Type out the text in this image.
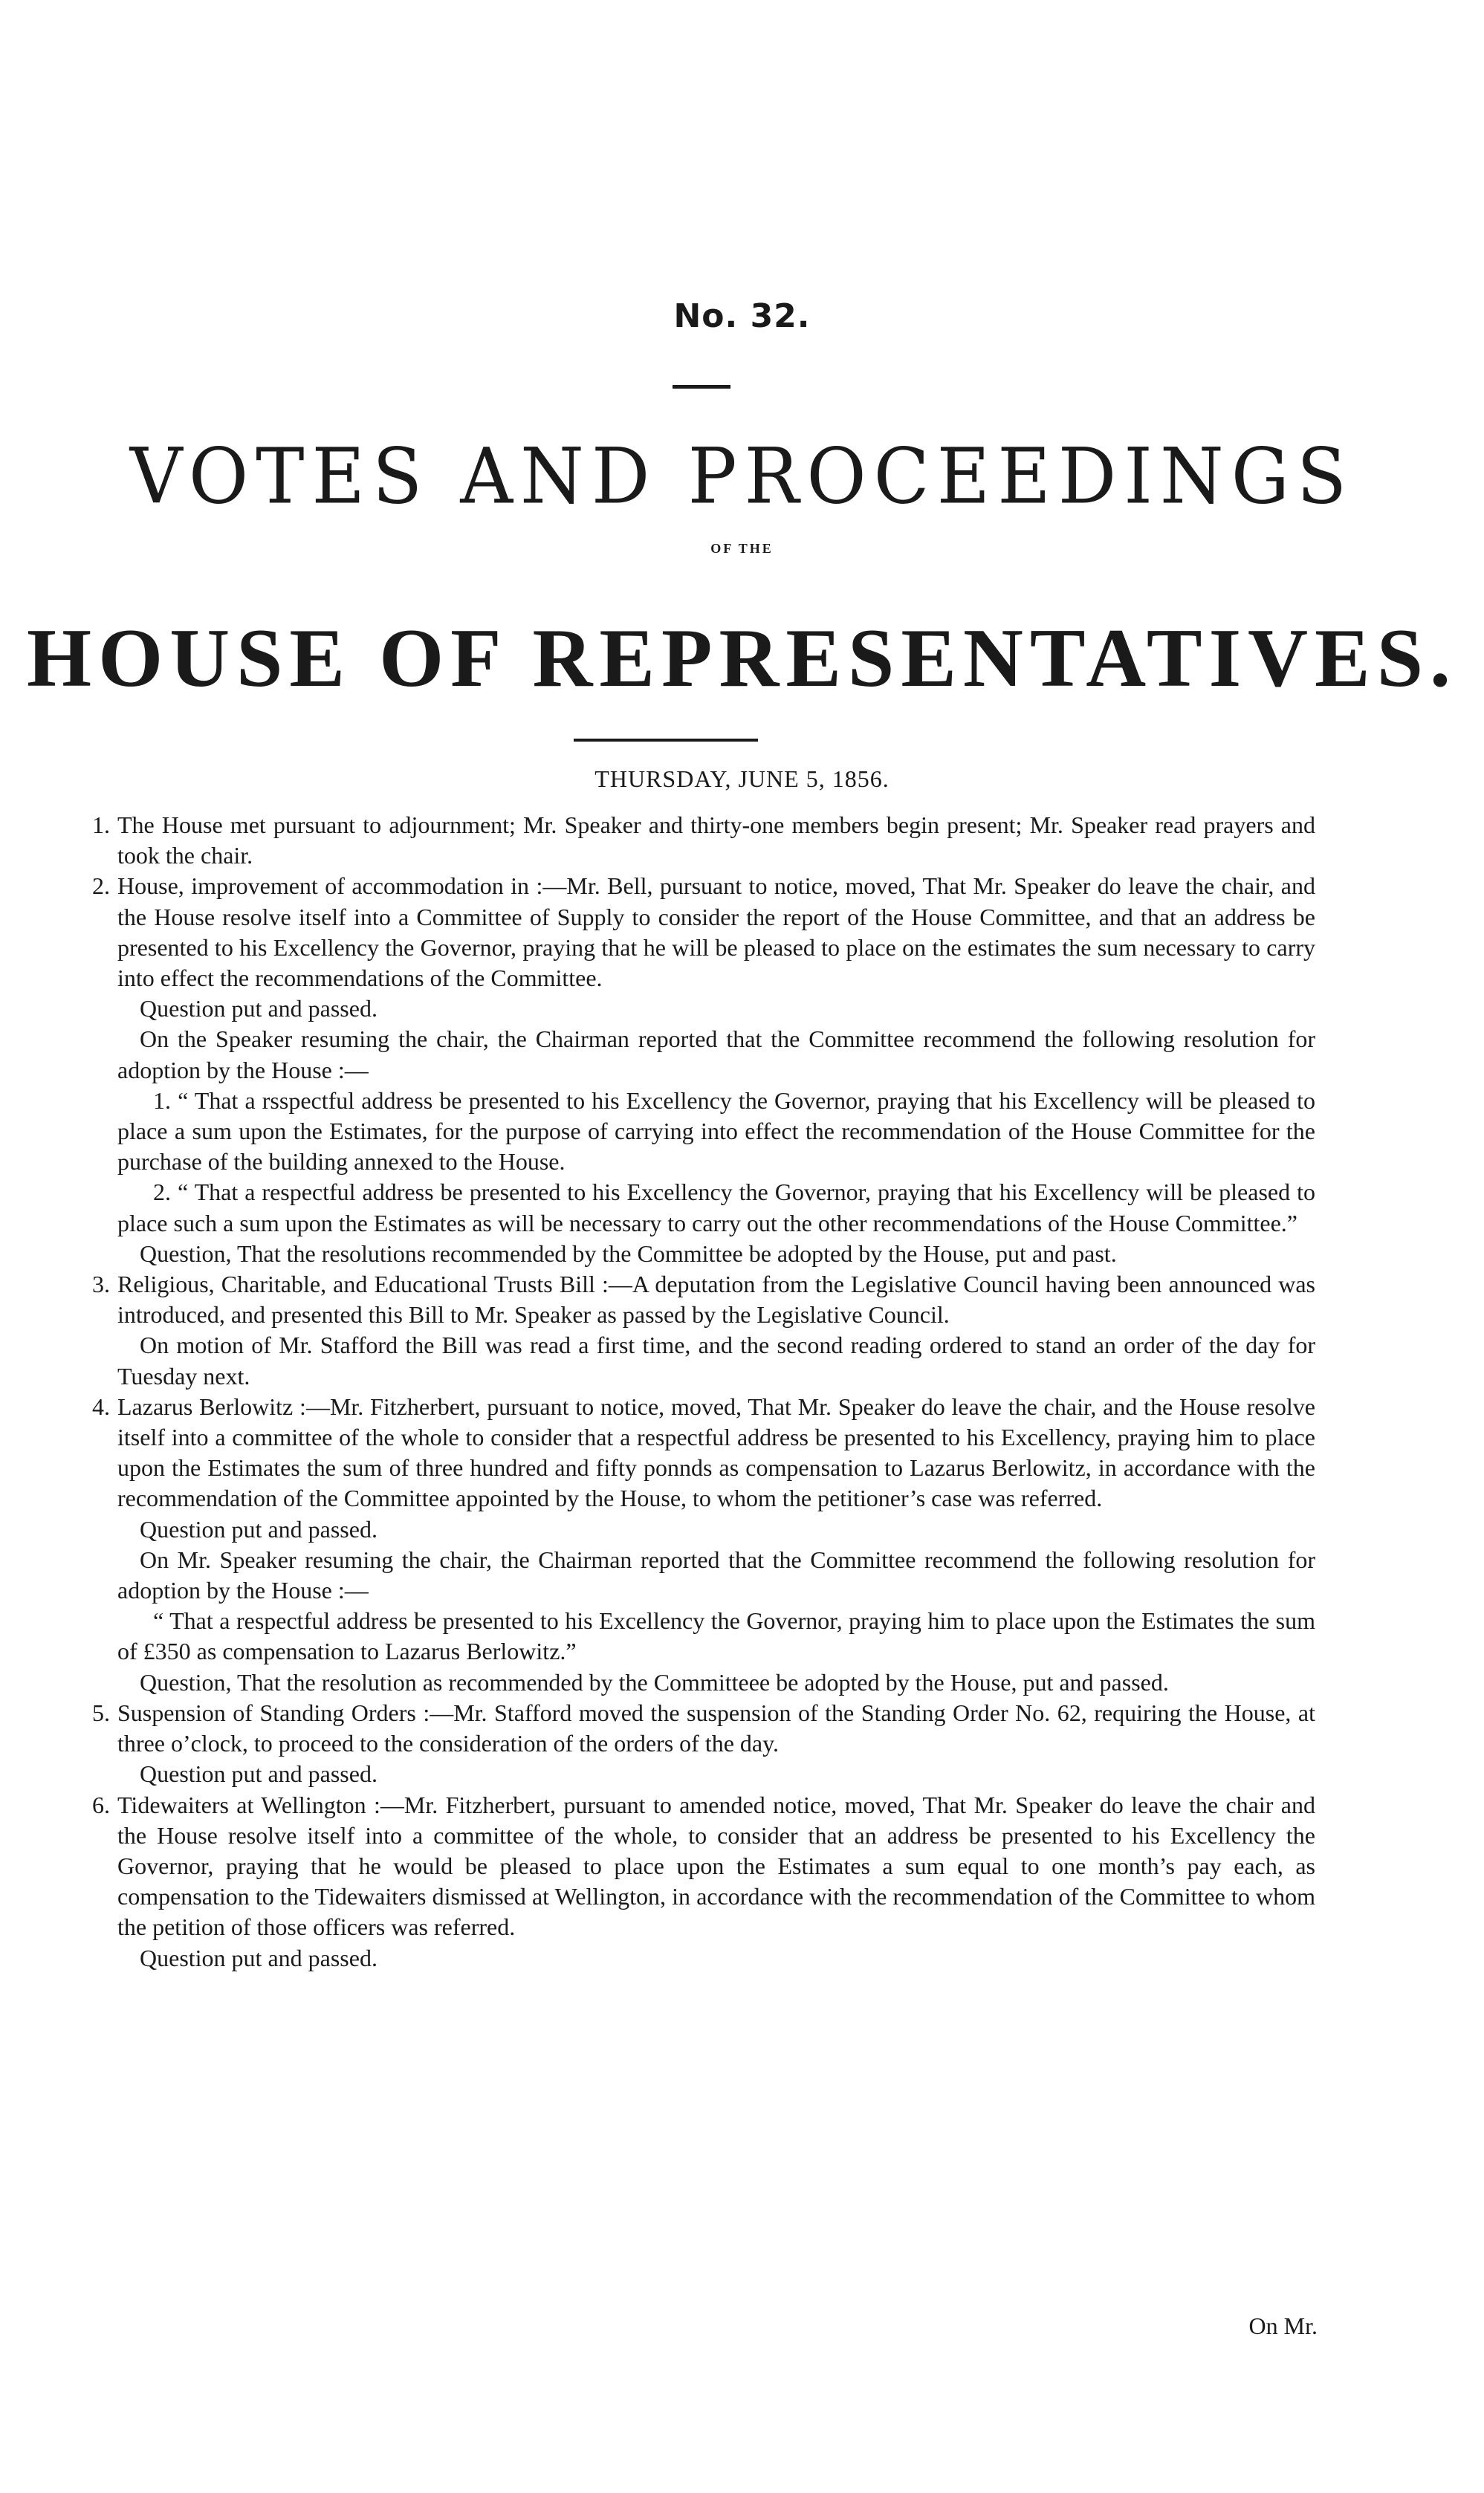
No. 32.
VOTES AND PROCEEDINGS
OF THE
HOUSE OF REPRESENTATIVES.
THURSDAY, JUNE 5, 1856.
1. The House met pursuant to adjournment; Mr. Speaker and thirty-one members begin present; Mr. Speaker read prayers and took the chair.

2. House, improvement of accommodation in :—Mr. Bell, pursuant to notice, moved, That Mr. Speaker do leave the chair, and the House resolve itself into a Committee of Supply to consider the report of the House Committee, and that an address be presented to his Excellency the Governor, praying that he will be pleased to place on the estimates the sum necessary to carry into effect the recommendations of the Committee.

Question put and passed.

On the Speaker resuming the chair, the Chairman reported that the Committee recommend the following resolution for adoption by the House :—

1. “ That a rsspectful address be presented to his Excellency the Governor, praying that his Excellency will be pleased to place a sum upon the Estimates, for the purpose of carrying into effect the recommendation of the House Committee for the purchase of the building annexed to the House.

2. “ That a respectful address be presented to his Excellency the Governor, praying that his Excellency will be pleased to place such a sum upon the Estimates as will be necessary to carry out the other recommendations of the House Committee.”

Question, That the resolutions recommended by the Committee be adopted by the House, put and past.

3. Religious, Charitable, and Educational Trusts Bill :—A deputation from the Legislative Council having been announced was introduced, and presented this Bill to Mr. Speaker as passed by the Legislative Council.

On motion of Mr. Stafford the Bill was read a first time, and the second reading ordered to stand an order of the day for Tuesday next.

4. Lazarus Berlowitz :—Mr. Fitzherbert, pursuant to notice, moved, That Mr. Speaker do leave the chair, and the House resolve itself into a committee of the whole to consider that a respectful address be presented to his Excellency, praying him to place upon the Estimates the sum of three hundred and fifty ponnds as compensation to Lazarus Berlowitz, in accordance with the recommendation of the Committee appointed by the House, to whom the petitioner’s case was referred.

Question put and passed.

On Mr. Speaker resuming the chair, the Chairman reported that the Committee recommend the following resolution for adoption by the House :—

“ That a respectful address be presented to his Excellency the Governor, praying him to place upon the Estimates the sum of £350 as compensation to Lazarus Berlowitz.”

Question, That the resolution as recommended by the Committeee be adopted by the House, put and passed.

5. Suspension of Standing Orders :—Mr. Stafford moved the suspension of the Standing Order No. 62, requiring the House, at three o’clock, to proceed to the consideration of the orders of the day.

Question put and passed.

6. Tidewaiters at Wellington :—Mr. Fitzherbert, pursuant to amended notice, moved, That Mr. Speaker do leave the chair and the House resolve itself into a committee of the whole, to consider that an address be presented to his Excellency the Governor, praying that he would be pleased to place upon the Estimates a sum equal to one month’s pay each, as compensation to the Tidewaiters dismissed at Wellington, in accordance with the recommendation of the Committee to whom the petition of those officers was referred.

Question put and passed.

On Mr.
